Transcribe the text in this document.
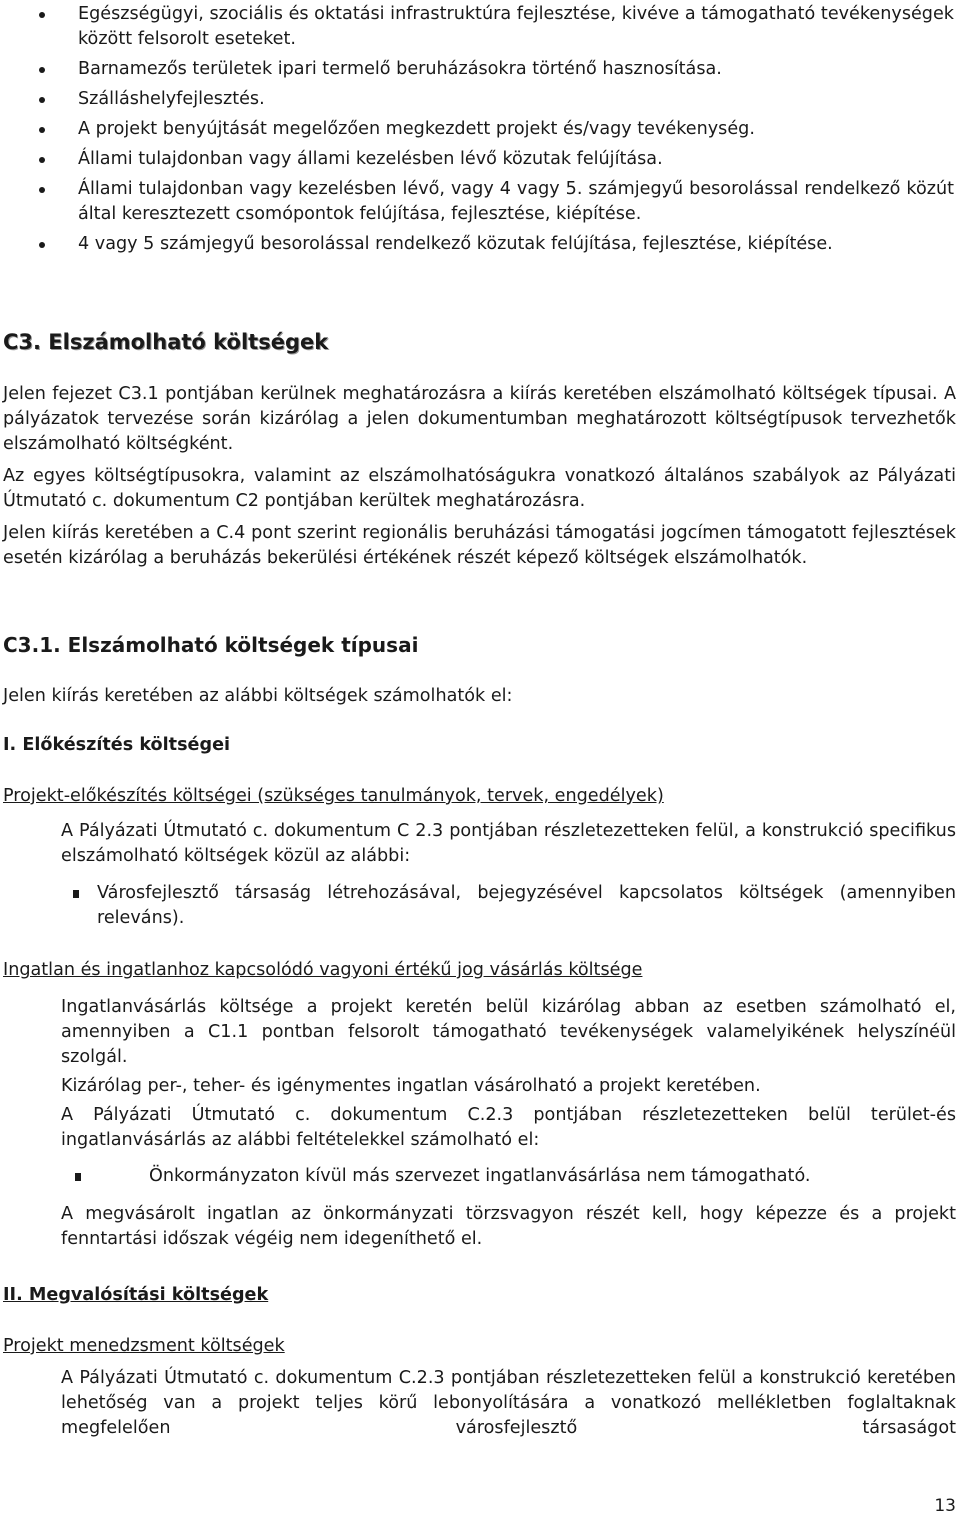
Egészségügyi, szociális és oktatási infrastruktúra fejlesztése, kivéve a támogatható tevékenységek között felsorolt eseteket.
Barnamezős területek ipari termelő beruházásokra történő hasznosítása.
Szálláshelyfejlesztés.
A projekt benyújtását megelőzően megkezdett projekt és/vagy tevékenység.
Állami tulajdonban vagy állami kezelésben lévő közutak felújítása.
Állami tulajdonban vagy kezelésben lévő, vagy 4 vagy 5. számjegyű besorolással rendelkező közút által keresztezett csomópontok felújítása, fejlesztése, kiépítése.
4 vagy 5 számjegyű besorolással rendelkező közutak felújítása, fejlesztése, kiépítése.
C3. Elszámolható költségek

Jelen fejezet C3.1 pontjában kerülnek meghatározásra a kiírás keretében elszámolható költségek típusai. A pályázatok tervezése során kizárólag a jelen dokumentumban meghatározott költségtípusok tervezhetők elszámolható költségként.

Az egyes költségtípusokra, valamint az elszámolhatóságukra vonatkozó általános szabályok az Pályázati Útmutató c. dokumentum C2 pontjában kerültek meghatározásra.

Jelen kiírás keretében a C.4 pont szerint regionális beruházási támogatási jogcímen támogatott fejlesztések esetén kizárólag a beruházás bekerülési értékének részét képező költségek elszámolhatók.

C3.1. Elszámolható költségek típusai

Jelen kiírás keretében az alábbi költségek számolhatók el:

I. Előkészítés költségei

Projekt-előkészítés költségei (szükséges tanulmányok, tervek, engedélyek)

A Pályázati Útmutató c. dokumentum C 2.3 pontjában részletezetteken felül, a konstrukció specifikus elszámolható költségek közül az alábbi:

Városfejlesztő társaság létrehozásával, bejegyzésével kapcsolatos költségek (amennyiben releváns).

Ingatlan és ingatlanhoz kapcsolódó vagyoni értékű jog vásárlás költsége

Ingatlanvásárlás költsége a projekt keretén belül kizárólag abban az esetben számolható el, amennyiben a C1.1 pontban felsorolt támogatható tevékenységek valamelyikének helyszínéül szolgál.

Kizárólag per-, teher- és igénymentes ingatlan vásárolható a projekt keretében.

A Pályázati Útmutató c. dokumentum C.2.3 pontjában részletezetteken belül terület-és ingatlanvásárlás az alábbi feltételekkel számolható el:

Önkormányzaton kívül más szervezet ingatlanvásárlása nem támogatható.

A megvásárolt ingatlan az önkormányzati törzsvagyon részét kell, hogy képezze és a projekt fenntartási időszak végéig nem idegeníthető el.

II. Megvalósítási költségek

Projekt menedzsment költségek

A Pályázati Útmutató c. dokumentum C.2.3 pontjában részletezetteken felül a konstrukció keretében lehetőség van a projekt teljes körű lebonyolítására a vonatkozó mellékletben foglaltaknak megfelelően városfejlesztő társaságot

13
